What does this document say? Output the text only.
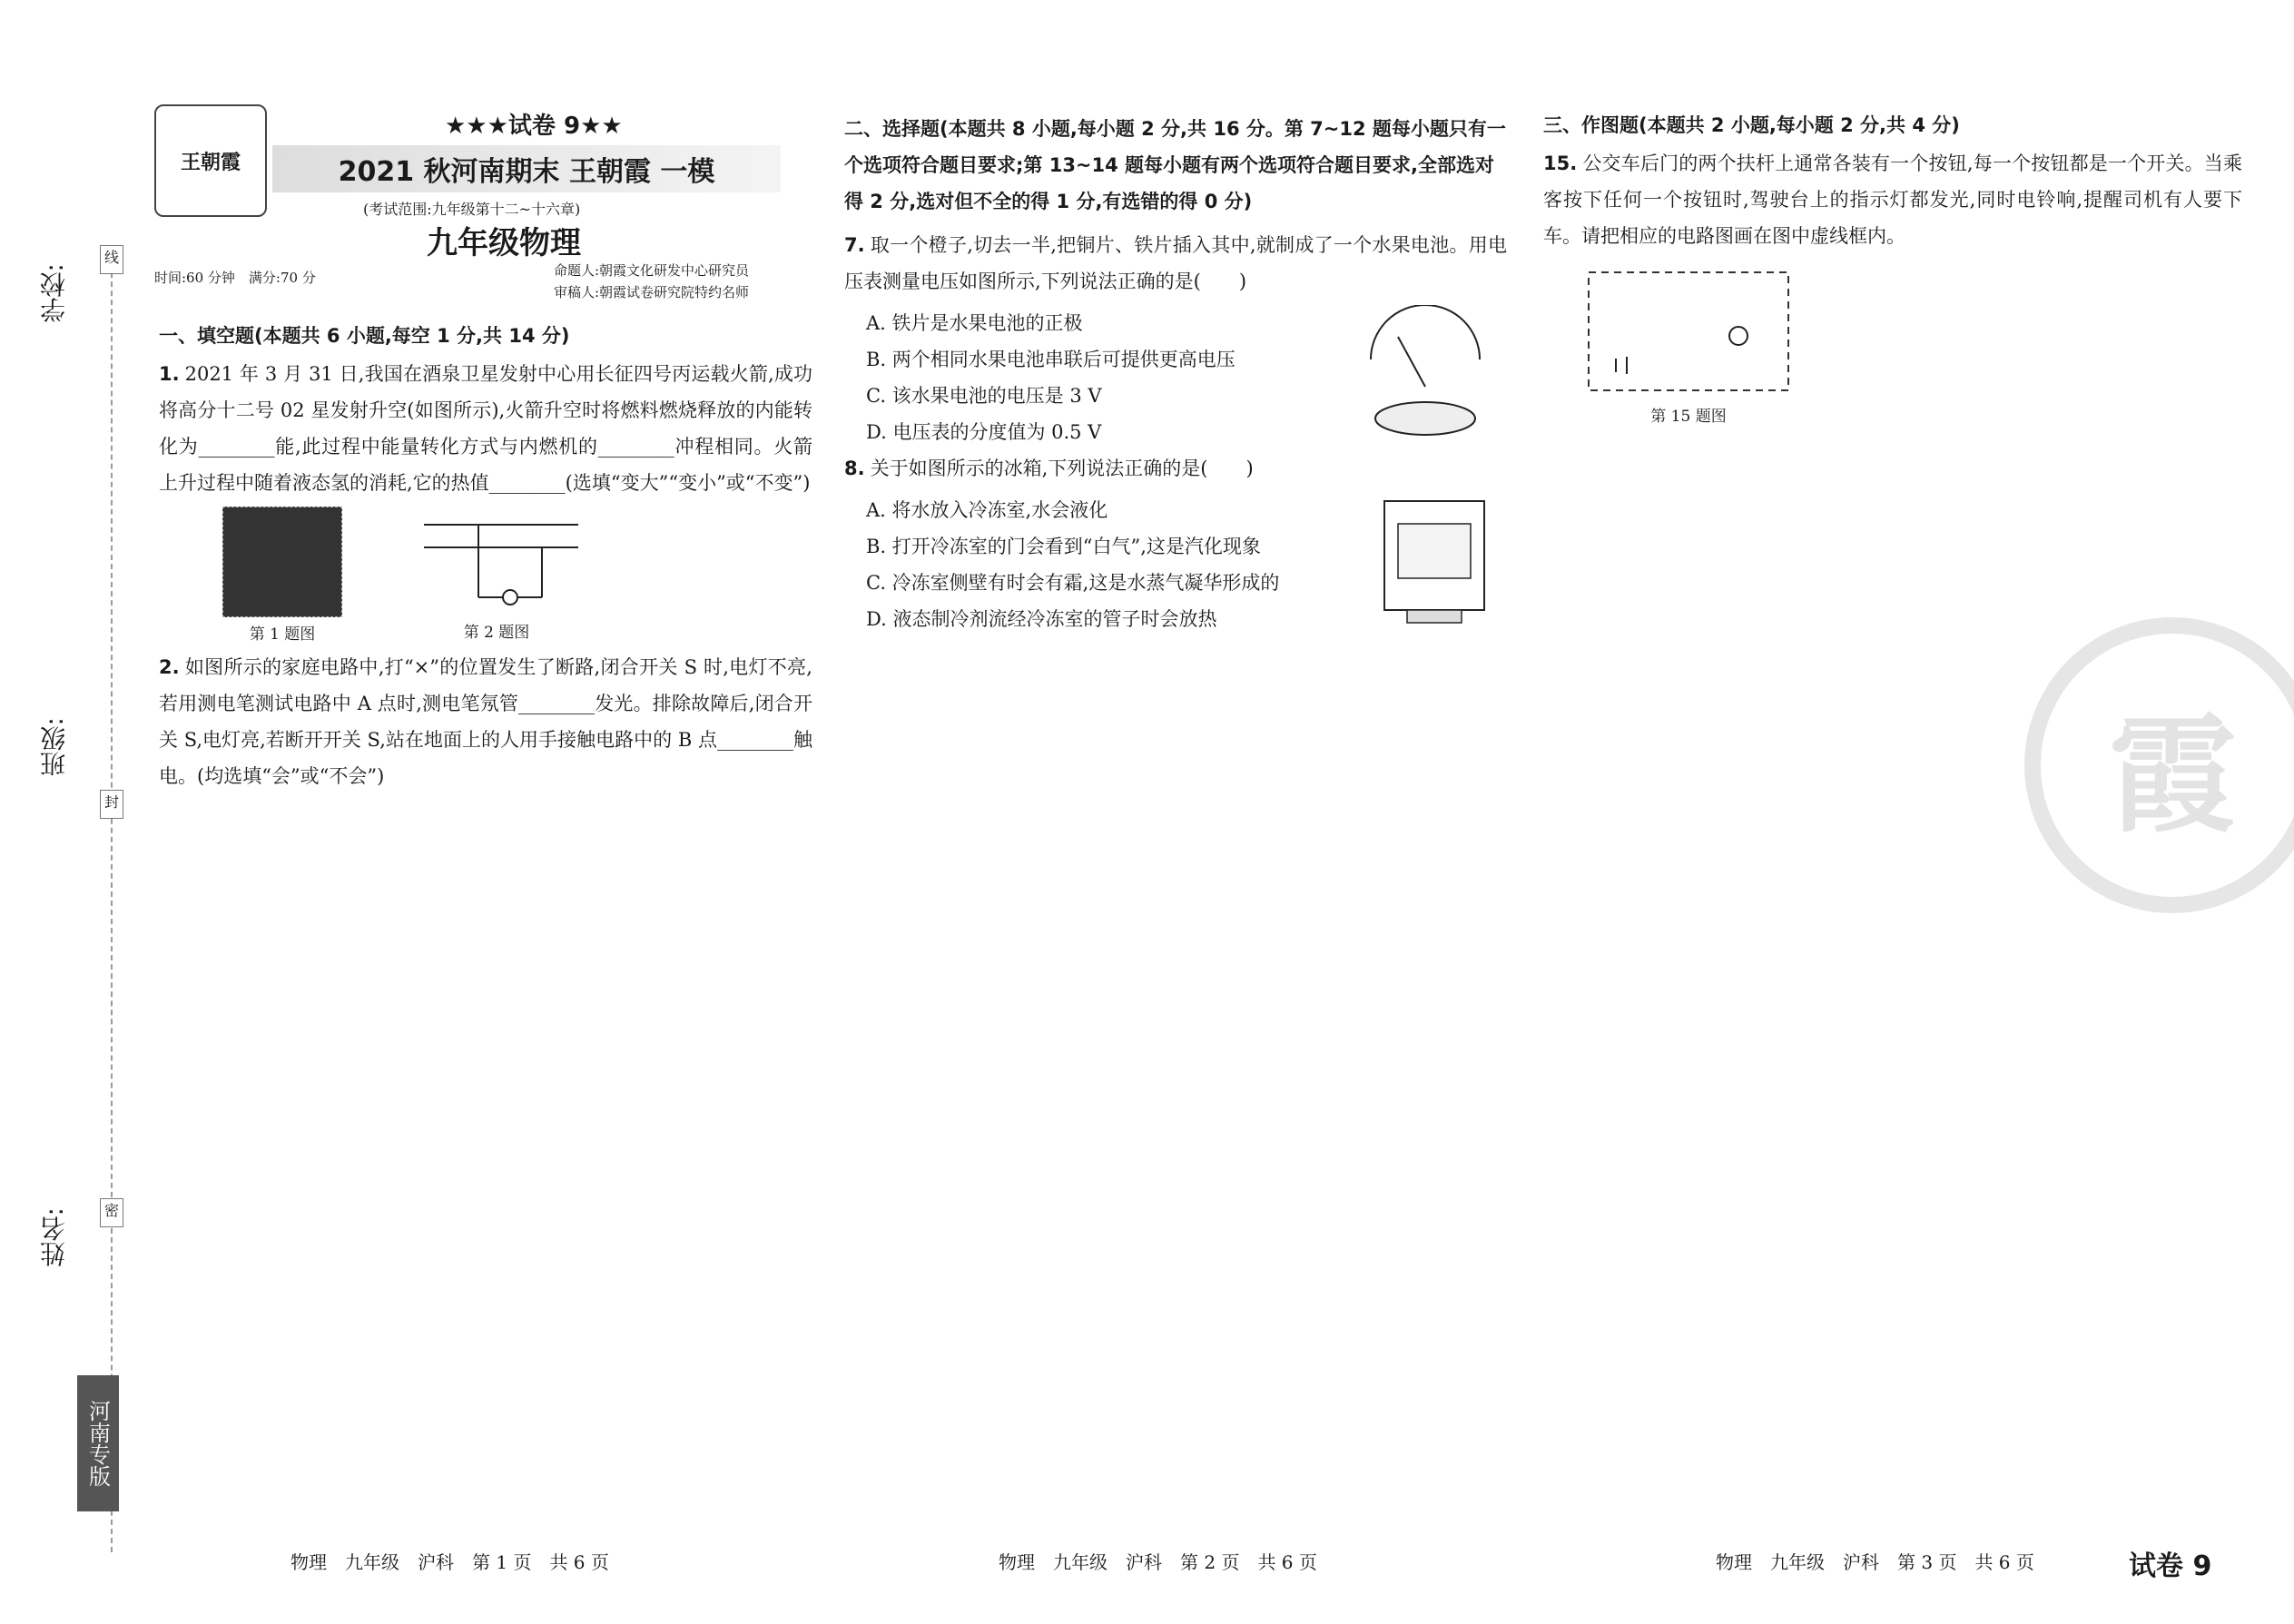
学校:
班级:
姓名:
线
封
密
河南专版
王朝霞
★★★试卷 9★★
2021 秋河南期末 王朝霞 一模
(考试范围:九年级第十二~十六章)
九年级物理
时间:60 分钟　满分:70 分	命题人:朝霞文化研发中心研究员
审稿人:朝霞试卷研究院特约名师
一、填空题(本题共 6 小题,每空 1 分,共 14 分)
1. 2021 年 3 月 31 日,我国在酒泉卫星发射中心用长征四号丙运载火箭,成功将高分十二号 02 星发射升空(如图所示),火箭升空时将燃料燃烧释放的内能转化为________能,此过程中能量转化方式与内燃机的________冲程相同。火箭上升过程中随着液态氢的消耗,它的热值________(选填“变大”“变小”或“不变”)
第 1 题图	第 2 题图
2. 如图所示的家庭电路中,打“×”的位置发生了断路,闭合开关 S 时,电灯不亮,若用测电笔测试电路中 A 点时,测电笔氖管________发光。排除故障后,闭合开关 S,电灯亮,若断开开关 S,站在地面上的人用手接触电路中的 B 点________触电。(均选填“会”或“不会”)
二、选择题(本题共 8 小题,每小题 2 分,共 16 分。第 7~12 题每小题只有一个选项符合题目要求;第 13~14 题每小题有两个选项符合题目要求,全部选对得 2 分,选对但不全的得 1 分,有选错的得 0 分)
7. 取一个橙子,切去一半,把铜片、铁片插入其中,就制成了一个水果电池。用电压表测量电压如图所示,下列说法正确的是(　　)
A. 铁片是水果电池的正极
B. 两个相同水果电池串联后可提供更高电压
C. 该水果电池的电压是 3 V
D. 电压表的分度值为 0.5 V
8. 关于如图所示的冰箱,下列说法正确的是(　　)
A. 将水放入冷冻室,水会液化
B. 打开冷冻室的门会看到“白气”,这是汽化现象
C. 冷冻室侧壁有时会有霜,这是水蒸气凝华形成的
D. 液态制冷剂流经冷冻室的管子时会放热
三、作图题(本题共 2 小题,每小题 2 分,共 4 分)
15. 公交车后门的两个扶杆上通常各装有一个按钮,每一个按钮都是一个开关。当乘客按下任何一个按钮时,驾驶台上的指示灯都发光,同时电铃响,提醒司机有人要下车。请把相应的电路图画在图中虚线框内。
第 15 题图
霞
物理　九年级　沪科　第 1 页　共 6 页	物理　九年级　沪科　第 2 页　共 6 页	物理　九年级　沪科　第 3 页　共 6 页	试卷 9
